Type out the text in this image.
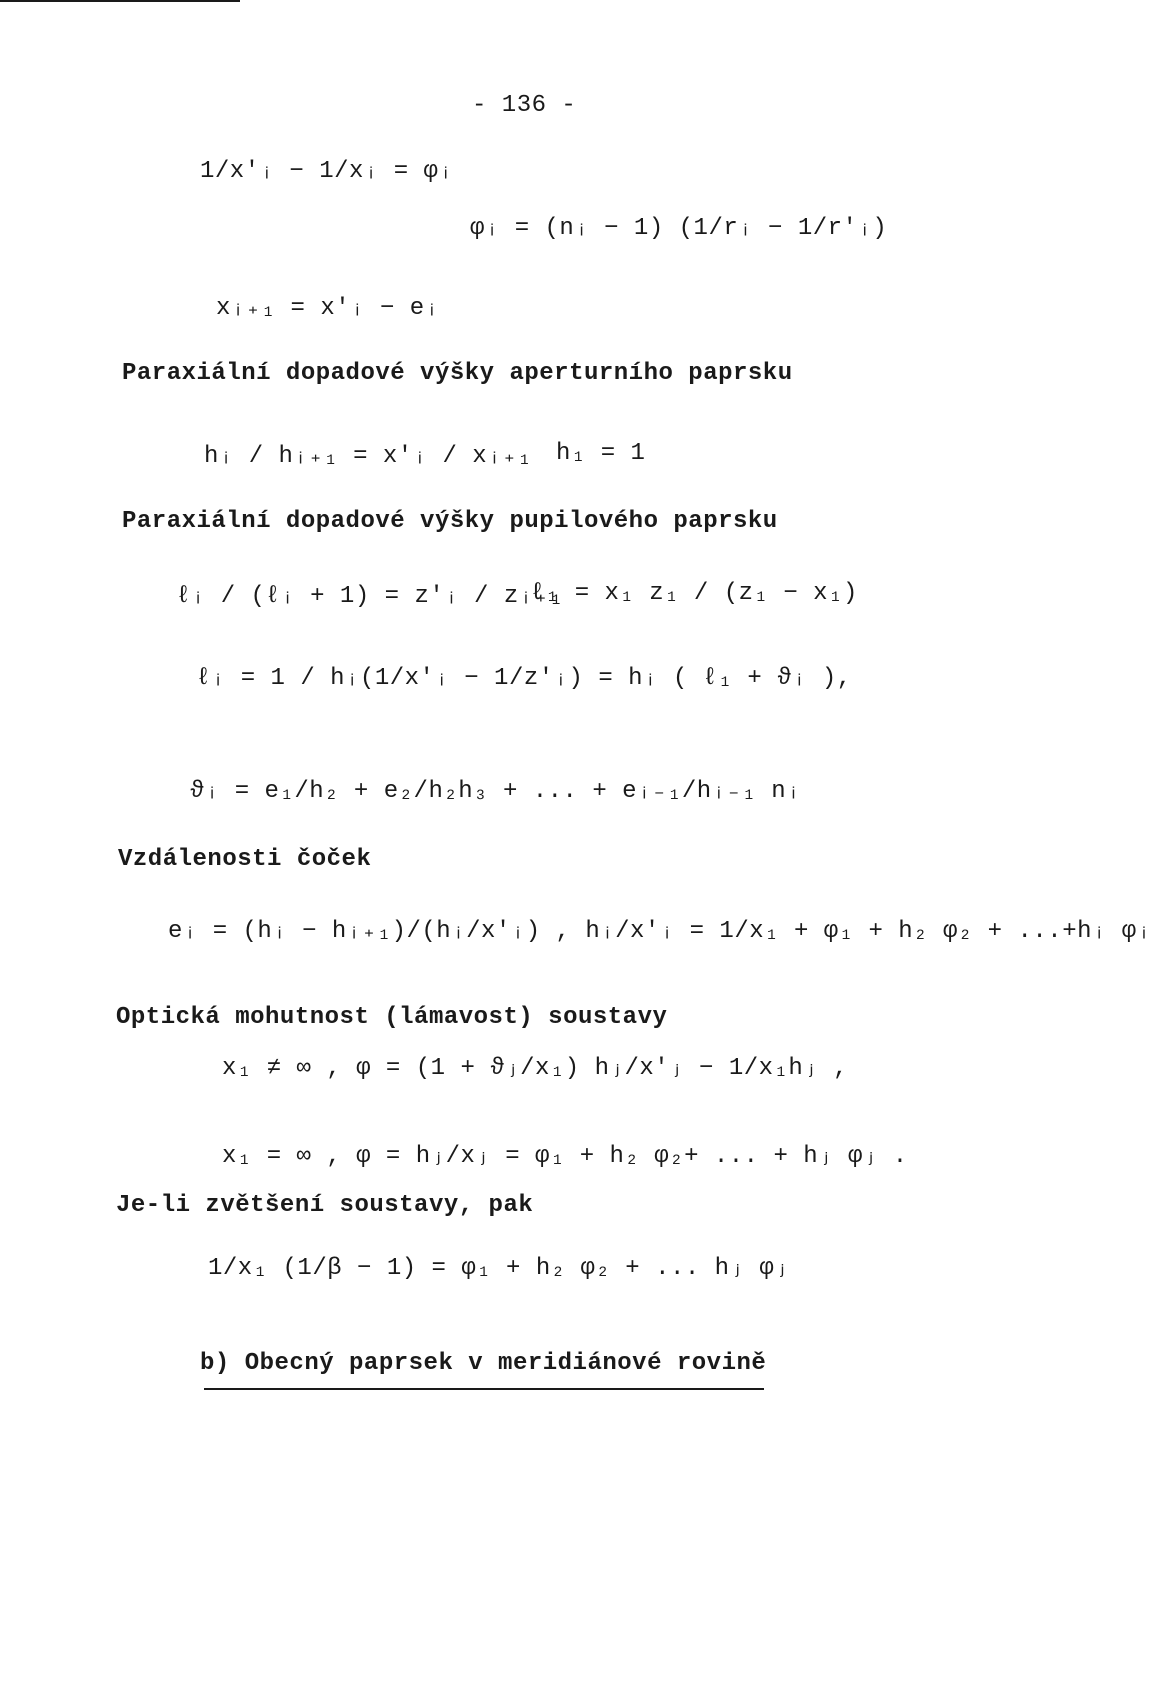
- 136 -
1/x'ᵢ − 1/xᵢ = φᵢ
φᵢ = (nᵢ − 1) (1/rᵢ − 1/r'ᵢ)
xᵢ₊₁ = x'ᵢ − eᵢ
Paraxiální dopadové výšky aperturního paprsku
hᵢ / hᵢ₊₁ = x'ᵢ / xᵢ₊₁	h₁ = 1
Paraxiální dopadové výšky pupilového paprsku
ℓᵢ / (ℓᵢ + 1) = z'ᵢ / zᵢ₊₁
ℓ₁ = x₁ z₁ / (z₁ − x₁)
ℓᵢ = 1 / hᵢ(1/x'ᵢ − 1/z'ᵢ) = hᵢ ( ℓ₁ + ϑᵢ ),
ϑᵢ = e₁/h₂ + e₂/h₂h₃ + ... + eᵢ₋₁/hᵢ₋₁ nᵢ
Vzdálenosti čoček
eᵢ = (hᵢ − hᵢ₊₁)/(hᵢ/x'ᵢ) , hᵢ/x'ᵢ = 1/x₁ + φ₁ + h₂ φ₂ + ...+hᵢ φᵢ
Optická mohutnost (lámavost) soustavy
x₁ ≠ ∞ , φ = (1 + ϑⱼ/x₁) hⱼ/x'ⱼ − 1/x₁hⱼ ,
x₁ = ∞ , φ = hⱼ/xⱼ = φ₁ + h₂ φ₂+ ... + hⱼ φⱼ .
Je-li zvětšení soustavy, pak
1/x₁ (1/β − 1) = φ₁ + h₂ φ₂ + ... hⱼ φⱼ
b) Obecný paprsek v meridiánové rovině
